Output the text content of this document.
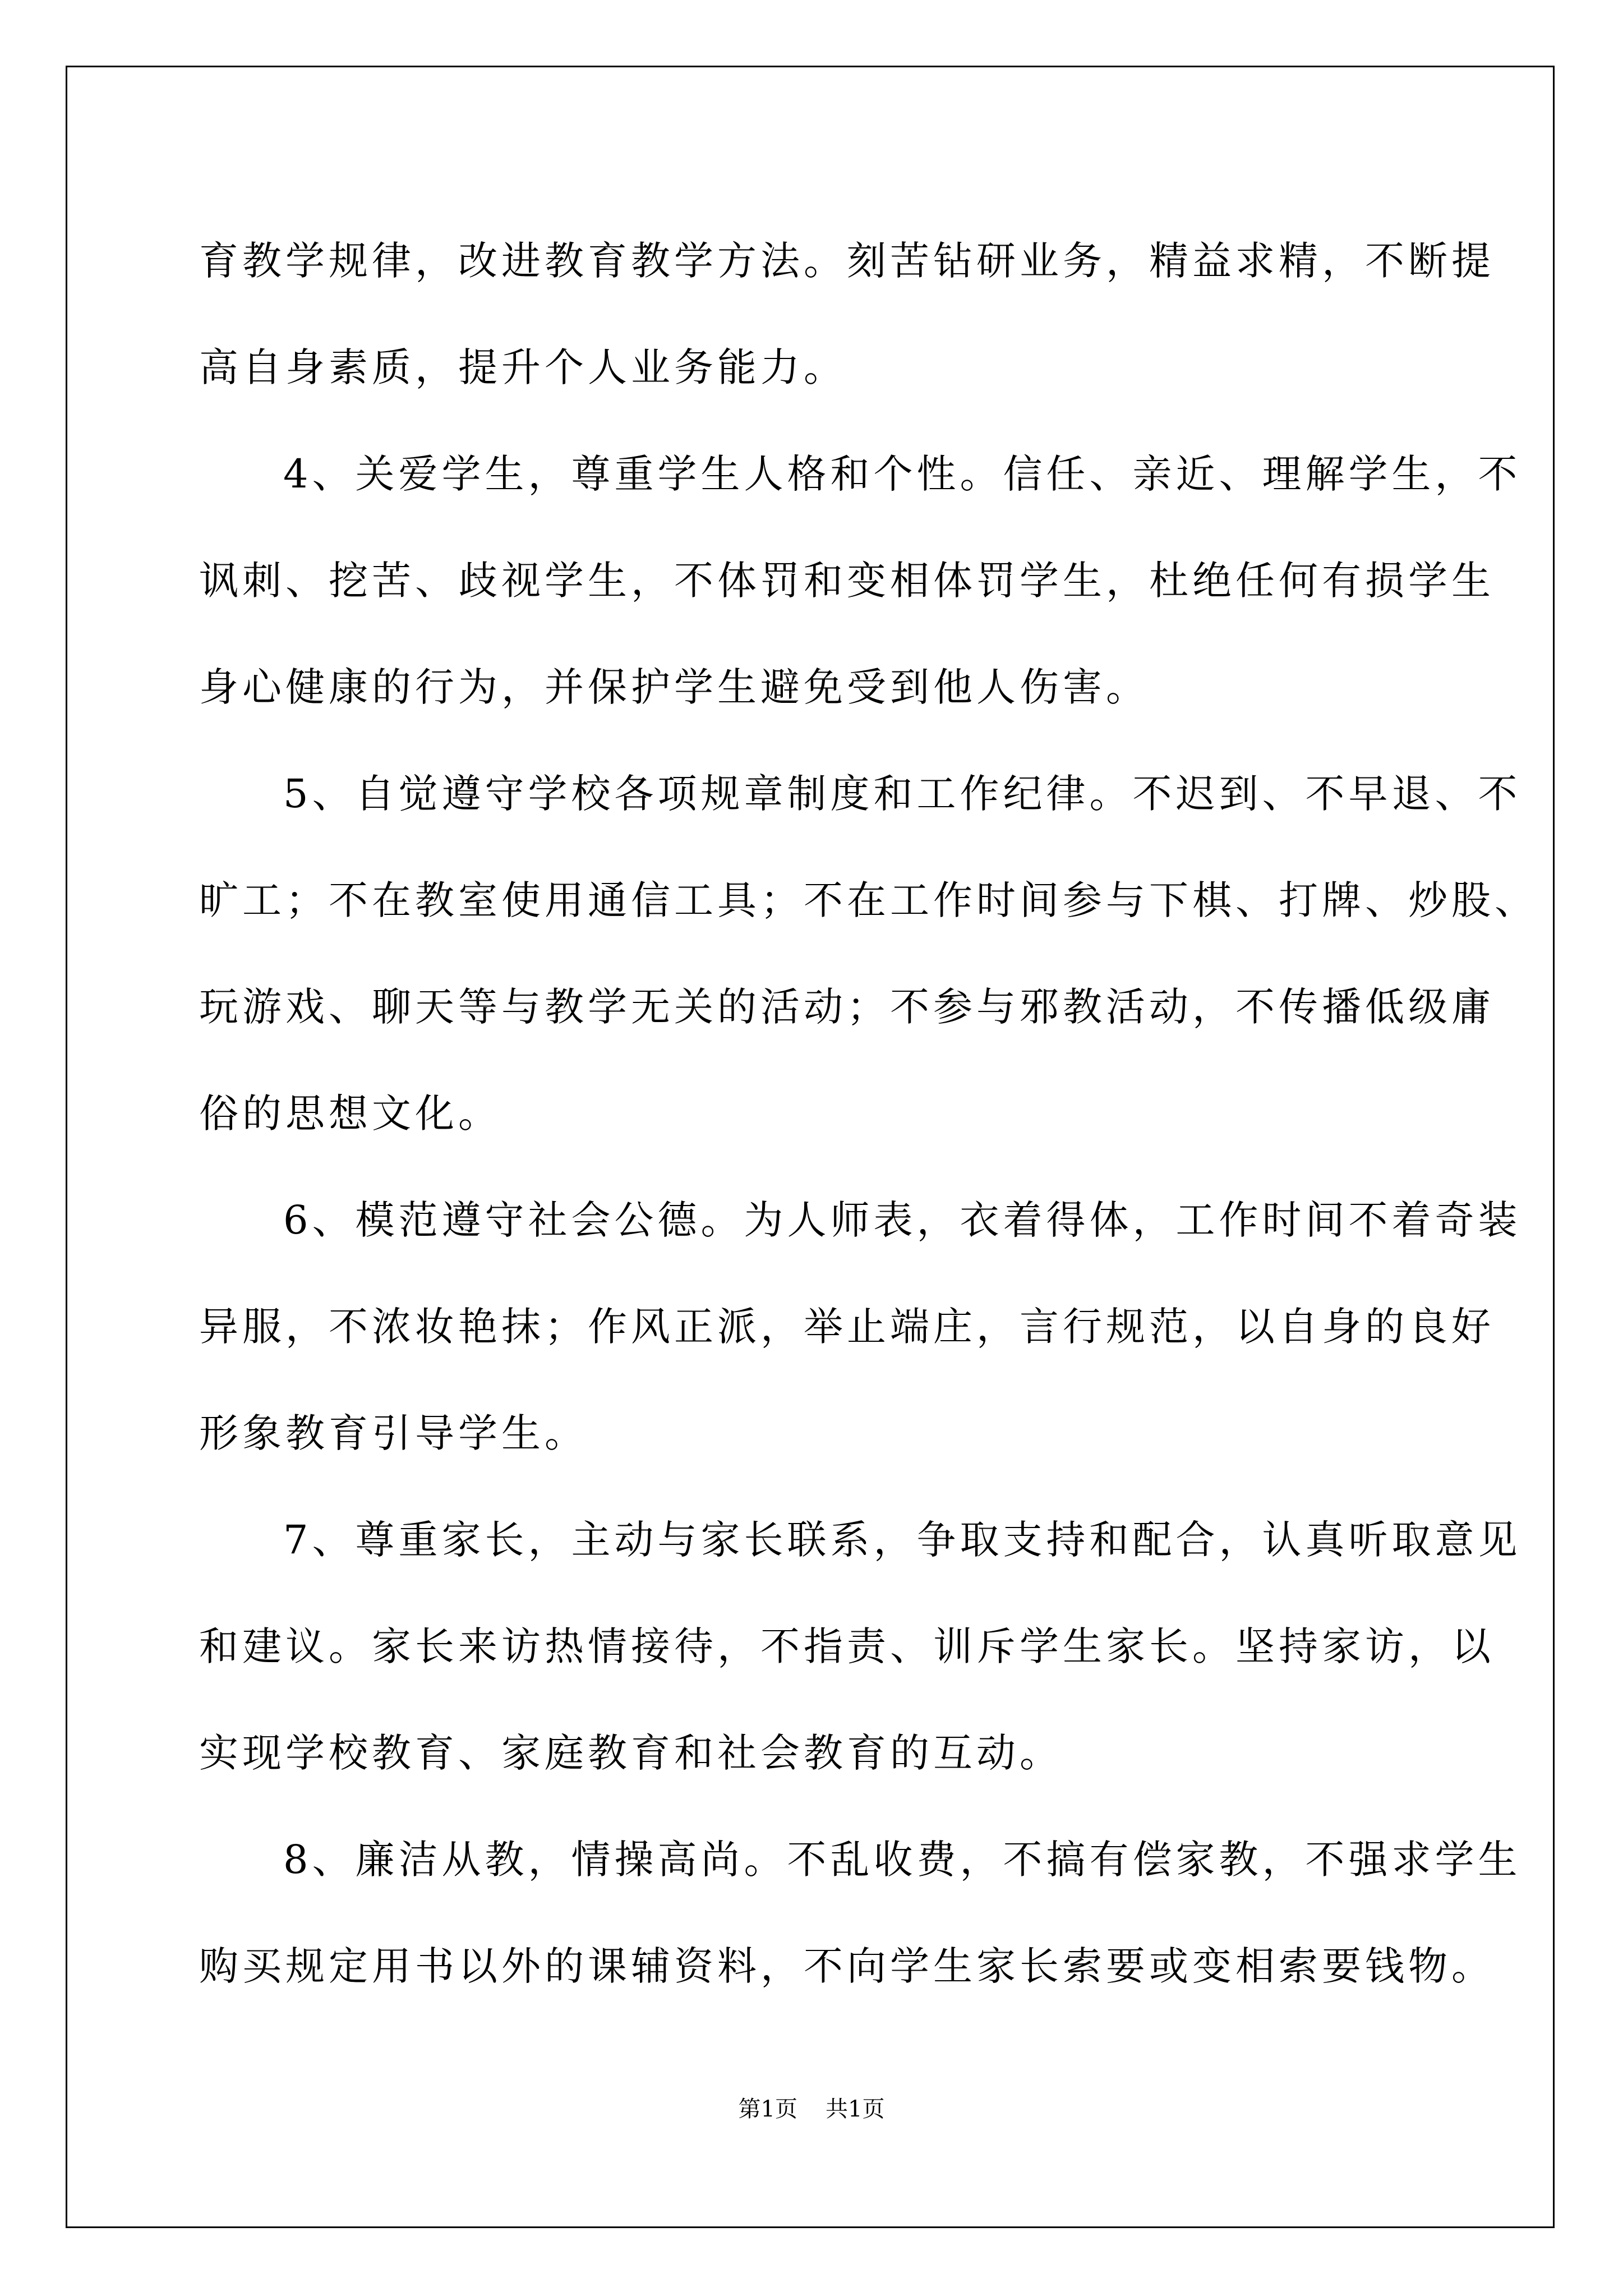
育教学规律，改进教育教学方法。刻苦钻研业务，精益求精，不断提
高自身素质，提升个人业务能力。
4、关爱学生，尊重学生人格和个性。信任、亲近、理解学生，不
讽刺、挖苦、歧视学生，不体罚和变相体罚学生，杜绝任何有损学生
身心健康的行为，并保护学生避免受到他人伤害。
5、自觉遵守学校各项规章制度和工作纪律。不迟到、不早退、不
旷工；不在教室使用通信工具；不在工作时间参与下棋、打牌、炒股、
玩游戏、聊天等与教学无关的活动；不参与邪教活动，不传播低级庸
俗的思想文化。
6、模范遵守社会公德。为人师表，衣着得体，工作时间不着奇装
异服，不浓妆艳抹；作风正派，举止端庄，言行规范，以自身的良好
形象教育引导学生。
7、尊重家长，主动与家长联系，争取支持和配合，认真听取意见
和建议。家长来访热情接待，不指责、训斥学生家长。坚持家访，以
实现学校教育、家庭教育和社会教育的互动。
8、廉洁从教，情操高尚。不乱收费，不搞有偿家教，不强求学生
购买规定用书以外的课辅资料，不向学生家长索要或变相索要钱物。
第1页 共1页
